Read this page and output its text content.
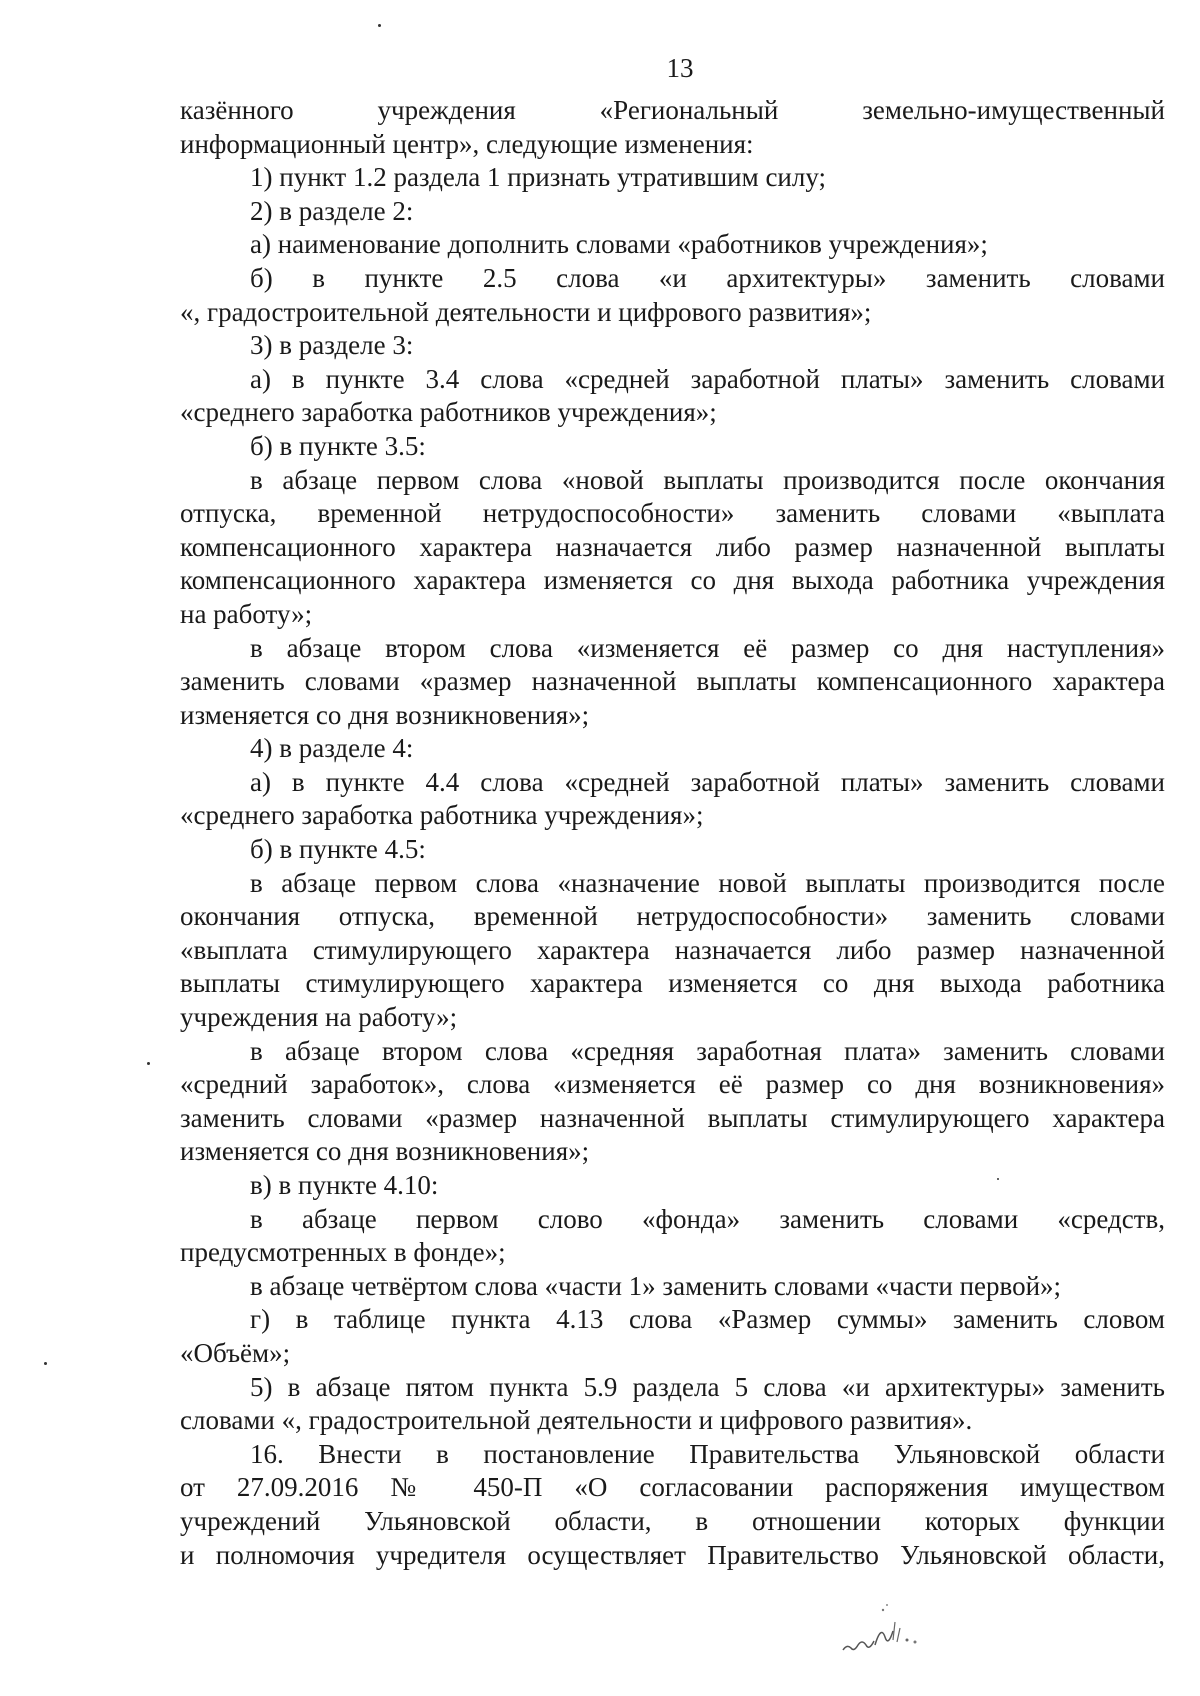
13
казённого учреждения «Региональный земельно-имущественный
информационный центр», следующие изменения:
1) пункт 1.2 раздела 1 признать утратившим силу;
2) в разделе 2:
а) наименование дополнить словами «работников учреждения»;
б) в пункте 2.5 слова «и архитектуры» заменить словами
«, градостроительной деятельности и цифрового развития»;
3) в разделе 3:
а) в пункте 3.4 слова «средней заработной платы» заменить словами
«среднего заработка работников учреждения»;
б) в пункте 3.5:
в абзаце первом слова «новой выплаты производится после окончания
отпуска, временной нетрудоспособности» заменить словами «выплата
компенсационного характера назначается либо размер назначенной выплаты
компенсационного характера изменяется со дня выхода работника учреждения
на работу»;
в абзаце втором слова «изменяется её размер со дня наступления»
заменить словами «размер назначенной выплаты компенсационного характера
изменяется со дня возникновения»;
4) в разделе 4:
а) в пункте 4.4 слова «средней заработной платы» заменить словами
«среднего заработка работника учреждения»;
б) в пункте 4.5:
в абзаце первом слова «назначение новой выплаты производится после
окончания отпуска, временной нетрудоспособности» заменить словами
«выплата стимулирующего характера назначается либо размер назначенной
выплаты стимулирующего характера изменяется со дня выхода работника
учреждения на работу»;
в абзаце втором слова «средняя заработная плата» заменить словами
«средний заработок», слова «изменяется её размер со дня возникновения»
заменить словами «размер назначенной выплаты стимулирующего характера
изменяется со дня возникновения»;
в) в пункте 4.10:
в абзаце первом слово «фонда» заменить словами «средств,
предусмотренных в фонде»;
в абзаце четвёртом слова «части 1» заменить словами «части первой»;
г) в таблице пункта 4.13 слова «Размер суммы» заменить словом
«Объём»;
5) в абзаце пятом пункта 5.9 раздела 5 слова «и архитектуры» заменить
словами «, градостроительной деятельности и цифрового развития».
16. Внести в постановление Правительства Ульяновской области
от 27.09.2016 № 450-П «О согласовании распоряжения имуществом
учреждений Ульяновской области, в отношении которых функции
и полномочия учредителя осуществляет Правительство Ульяновской области,
